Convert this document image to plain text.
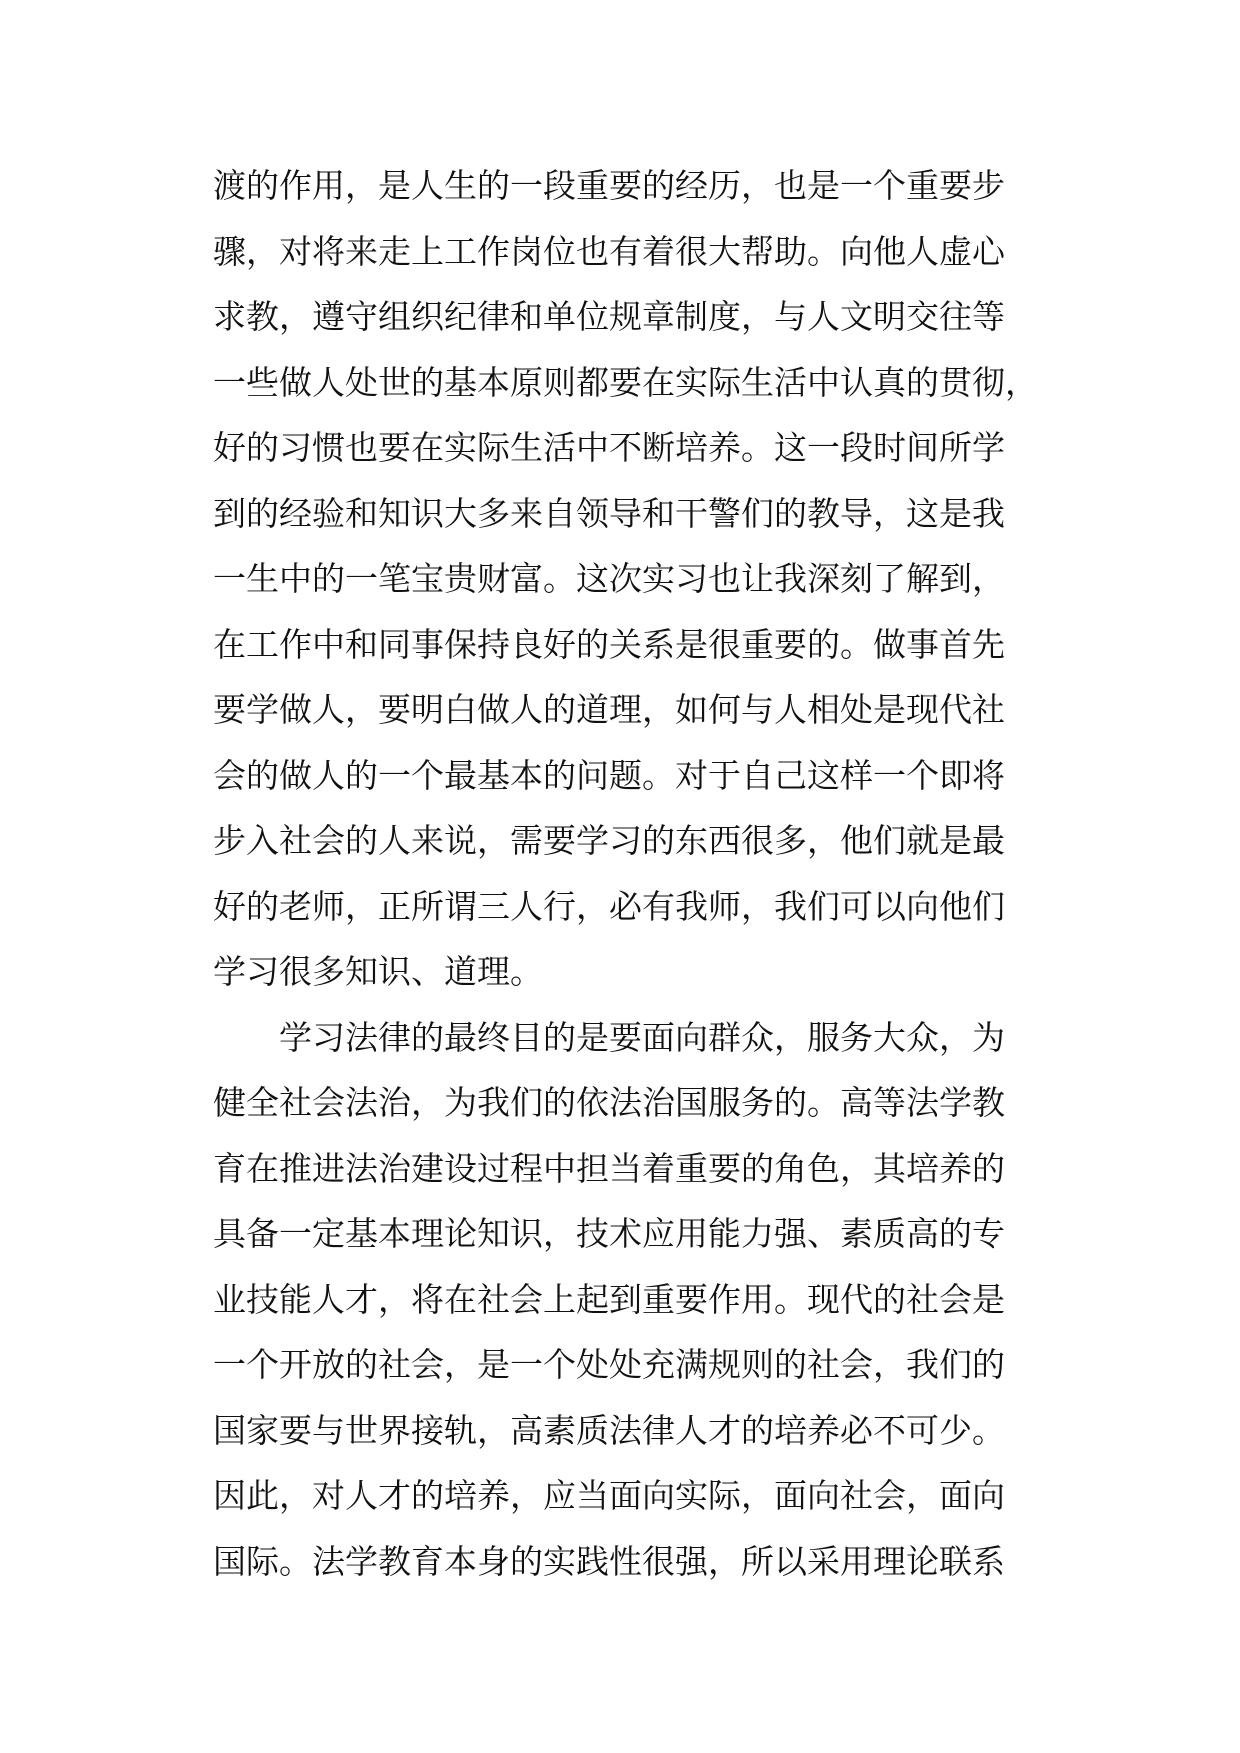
渡的作用，是人生的一段重要的经历，也是一个重要步
骤，对将来走上工作岗位也有着很大帮助。向他人虚心
求教，遵守组织纪律和单位规章制度，与人文明交往等
一些做人处世的基本原则都要在实际生活中认真的贯彻，
好的习惯也要在实际生活中不断培养。这一段时间所学
到的经验和知识大多来自领导和干警们的教导，这是我
一生中的一笔宝贵财富。这次实习也让我深刻了解到，
在工作中和同事保持良好的关系是很重要的。做事首先
要学做人，要明白做人的道理，如何与人相处是现代社
会的做人的一个最基本的问题。对于自己这样一个即将
步入社会的人来说，需要学习的东西很多，他们就是最
好的老师，正所谓三人行，必有我师，我们可以向他们
学习很多知识、道理。
学习法律的最终目的是要面向群众，服务大众，为
健全社会法治，为我们的依法治国服务的。高等法学教
育在推进法治建设过程中担当着重要的角色，其培养的
具备一定基本理论知识，技术应用能力强、素质高的专
业技能人才，将在社会上起到重要作用。现代的社会是
一个开放的社会，是一个处处充满规则的社会，我们的
国家要与世界接轨，高素质法律人才的培养必不可少。
因此，对人才的培养，应当面向实际，面向社会，面向
国际。法学教育本身的实践性很强，所以采用理论联系
